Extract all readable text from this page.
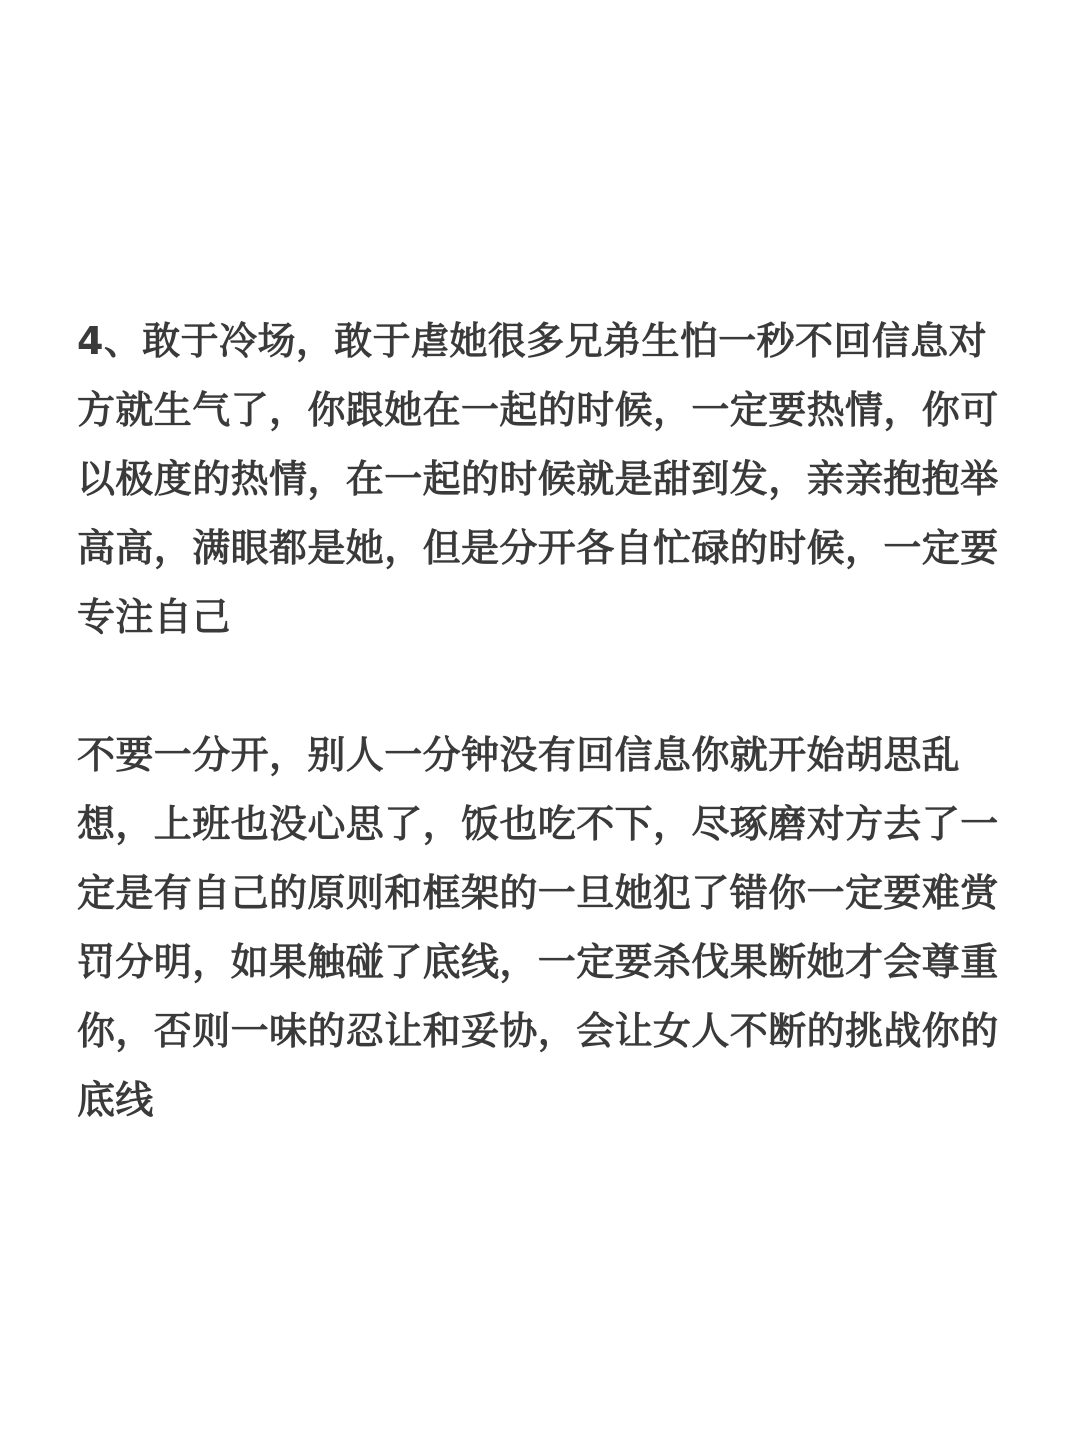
4、敢于冷场，敢于虐她很多兄弟生怕一秒不回信息对方就生气了，你跟她在一起的时候，一定要热情，你可以极度的热情，在一起的时候就是甜到发，亲亲抱抱举高高，满眼都是她，但是分开各自忙碌的时候，一定要专注自己

不要一分开，别人一分钟没有回信息你就开始胡思乱想，上班也没心思了，饭也吃不下，尽琢磨对方去了一定是有自己的原则和框架的一旦她犯了错你一定要难赏罚分明，如果触碰了底线，一定要杀伐果断她才会尊重你，否则一味的忍让和妥协，会让女人不断的挑战你的底线
